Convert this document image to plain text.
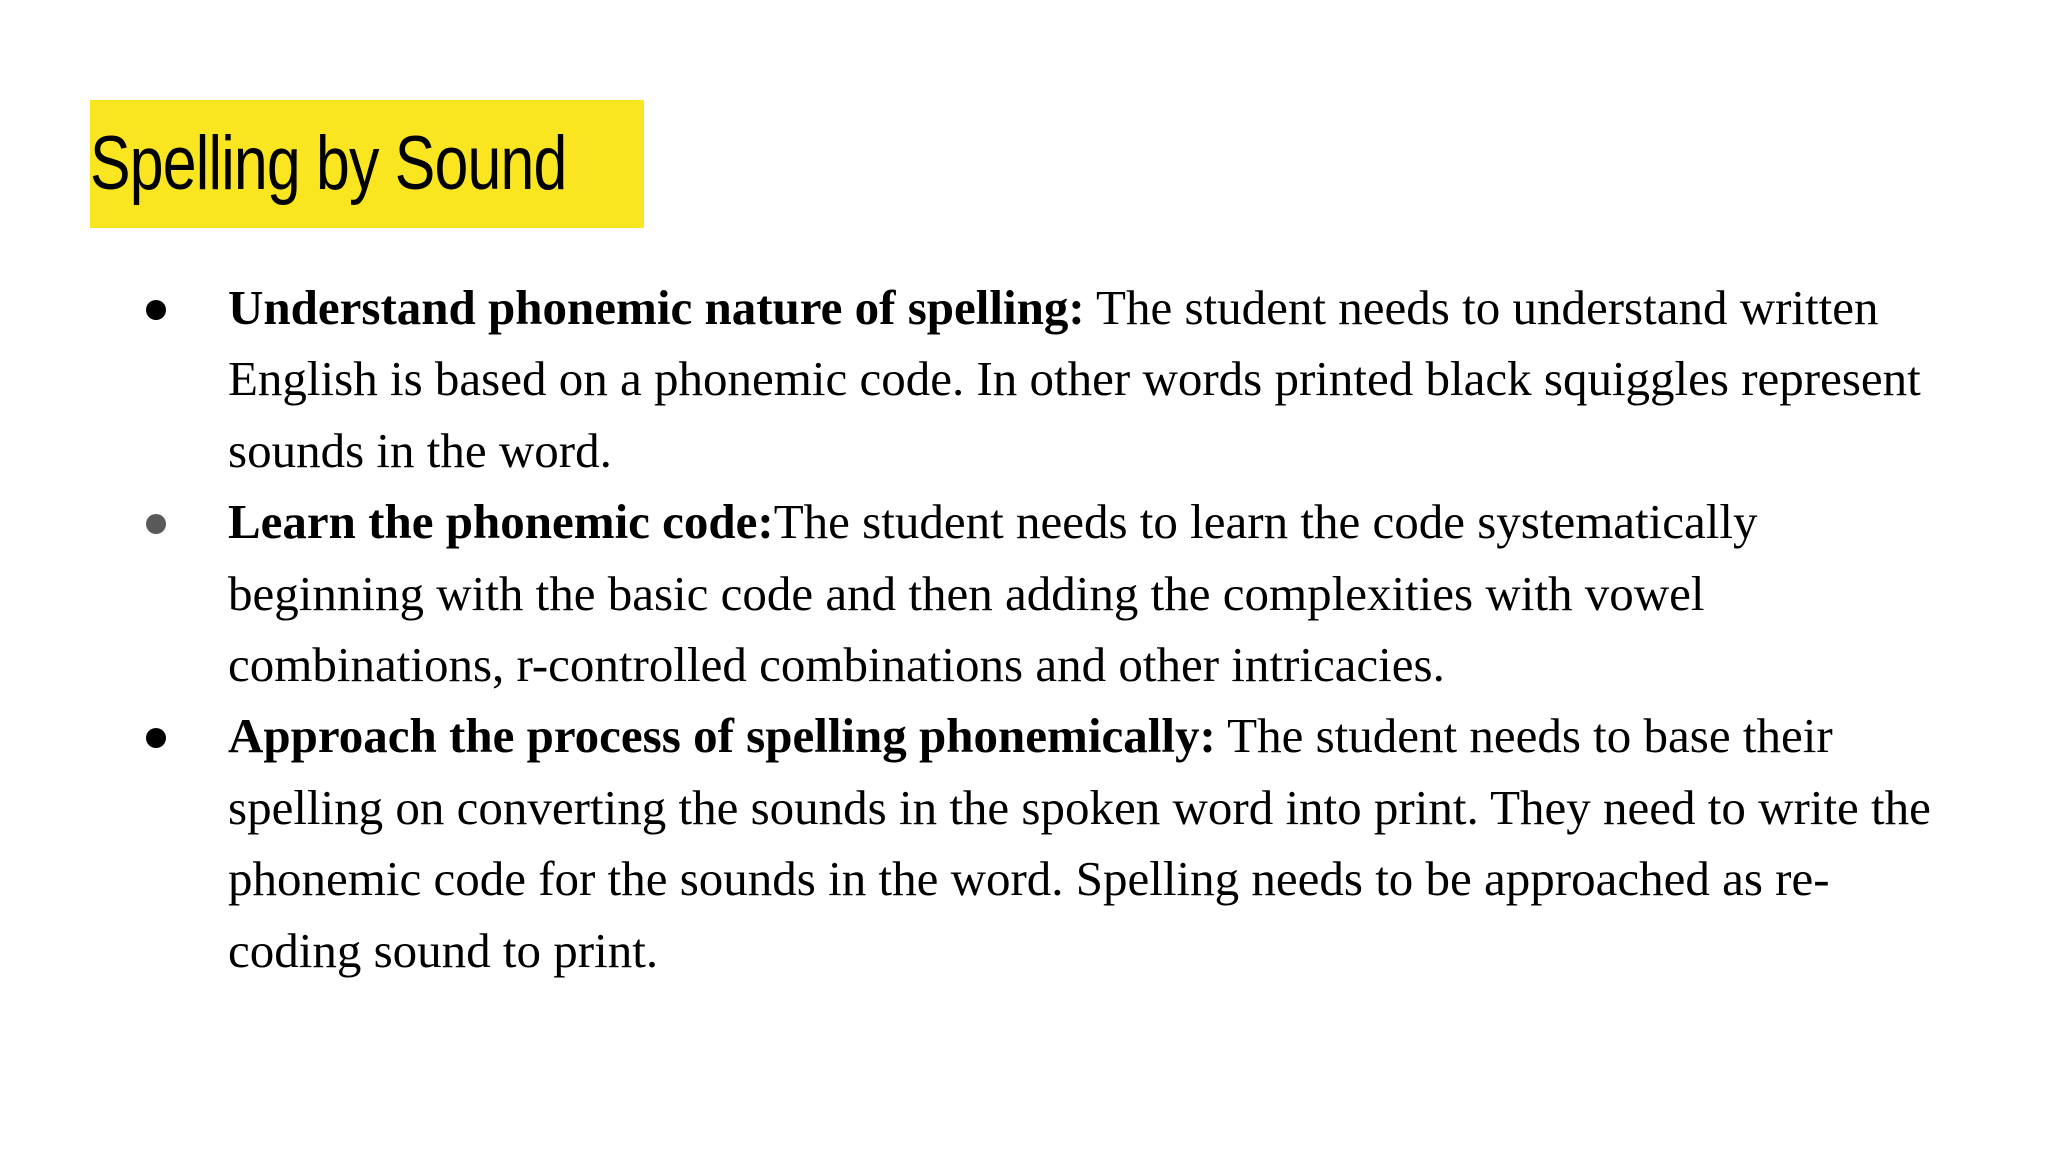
Spelling by Sound
Understand phonemic nature of spelling: The student needs to understand written English is based on a phonemic code. In other words printed black squiggles represent sounds in the word.
Learn the phonemic code:The student needs to learn the code systematically beginning with the basic code and then adding the complexities with vowel combinations, r-controlled combinations and other intricacies.
Approach the process of spelling phonemically: The student needs to base their spelling on converting the sounds in the spoken word into print. They need to write the phonemic code for the sounds in the word. Spelling needs to be approached as re-coding sound to print.
